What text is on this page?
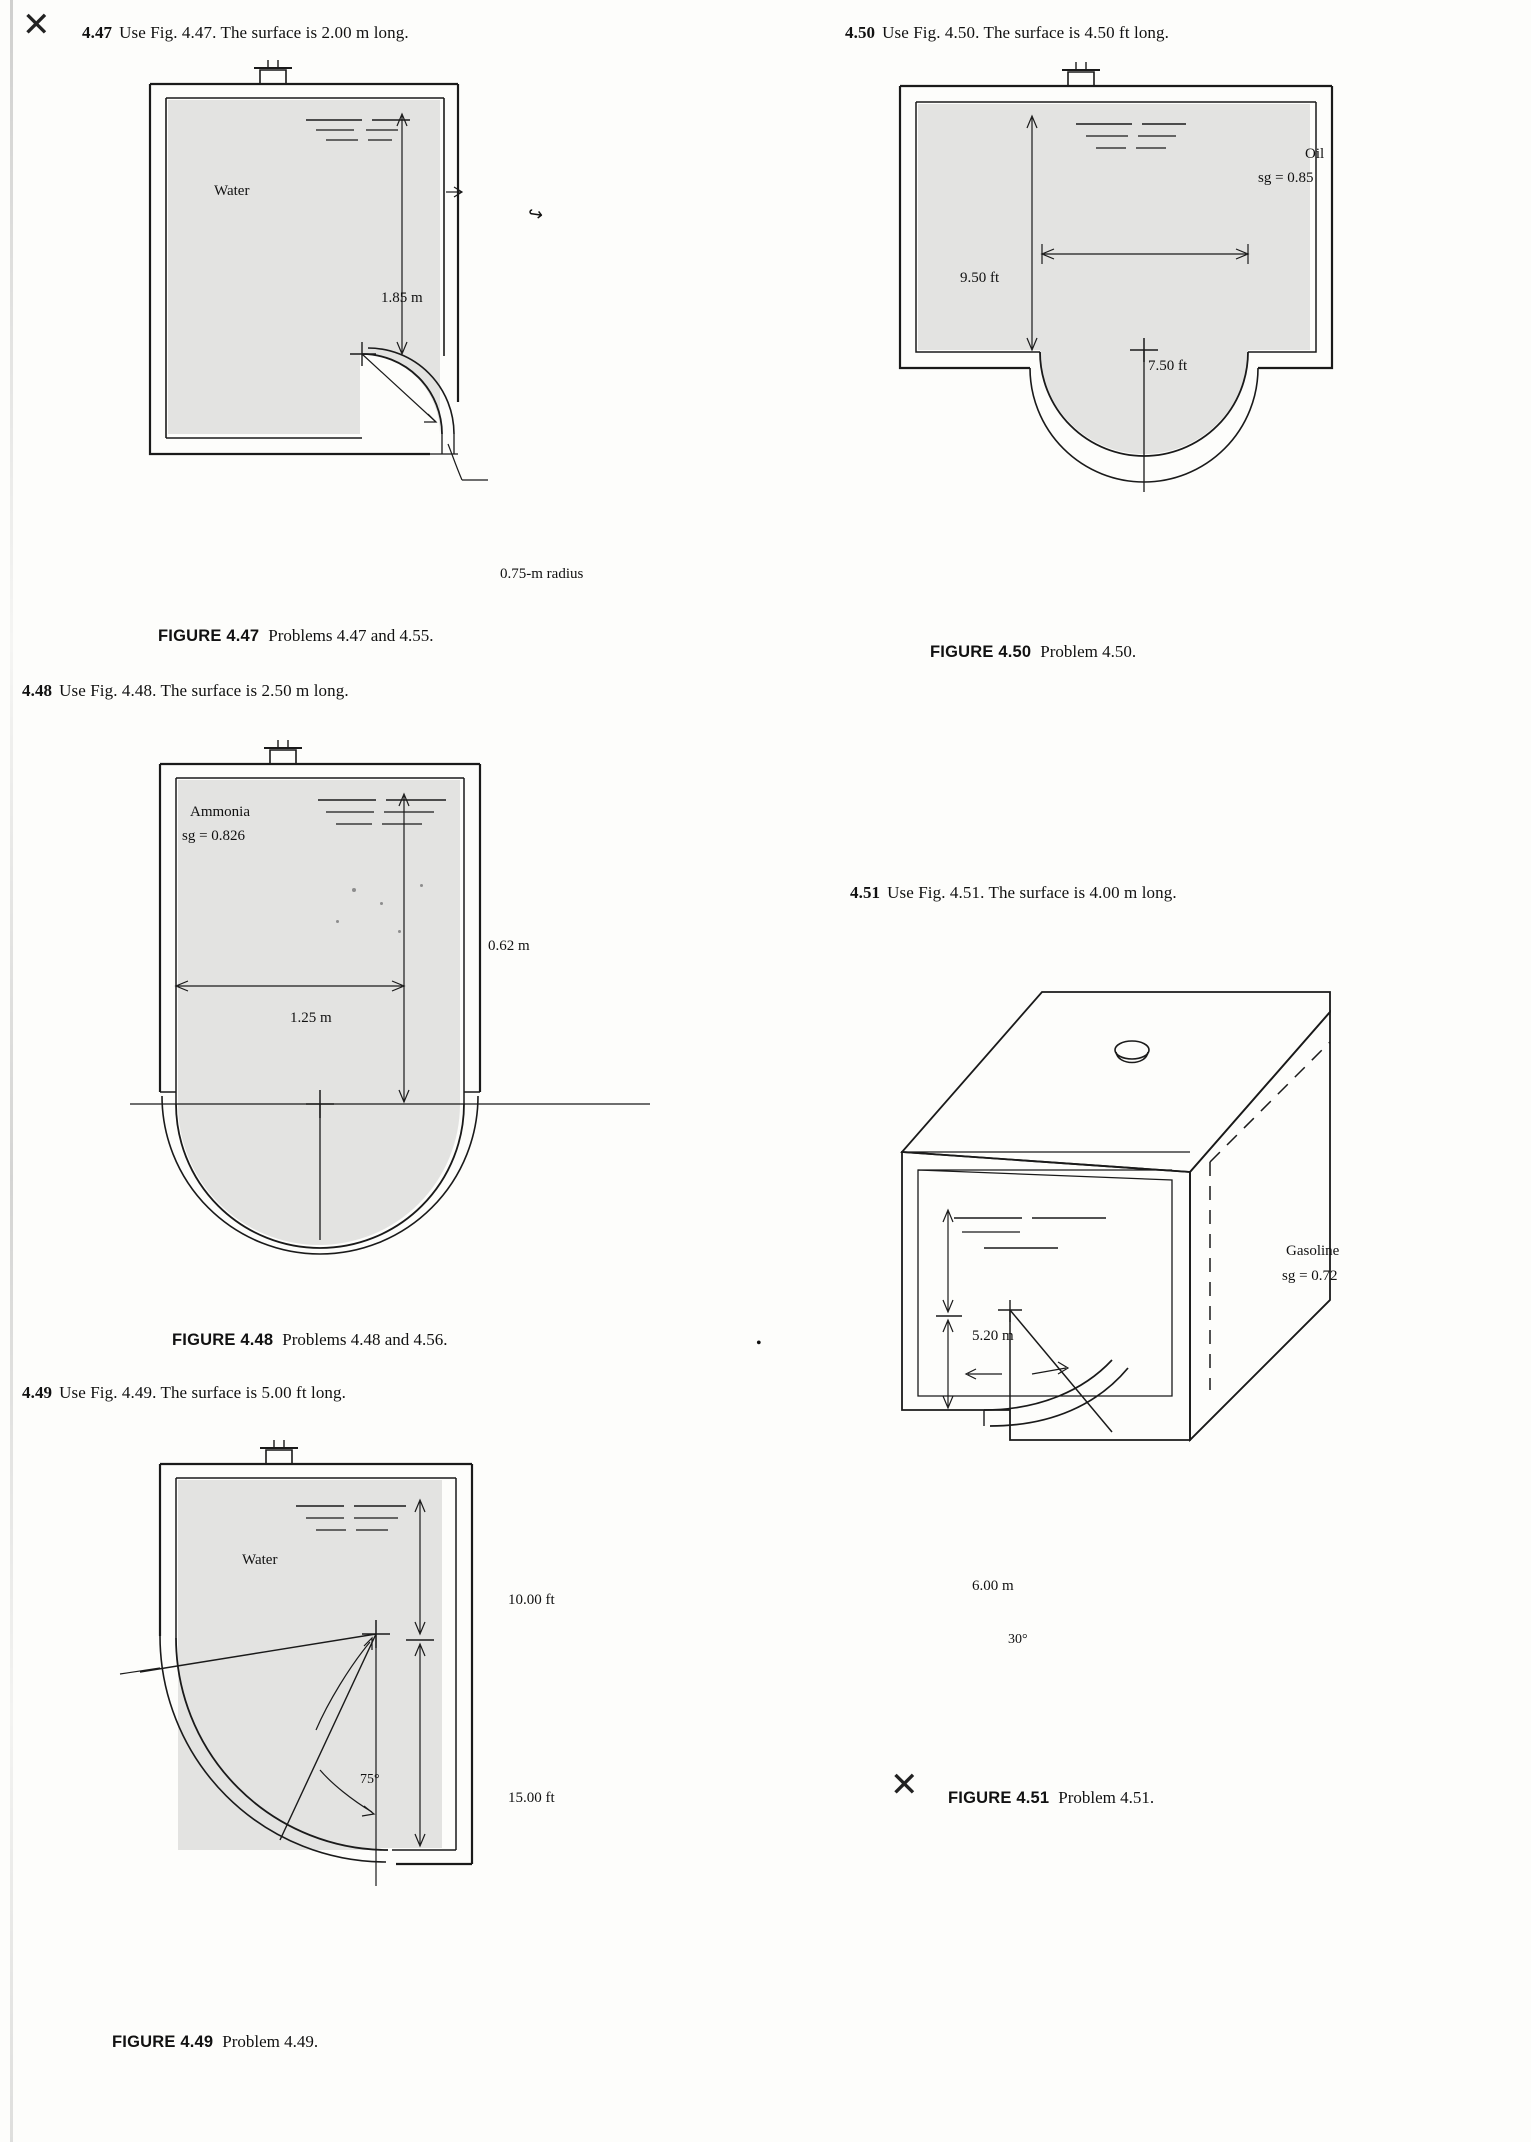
✕ 4.47 Use Fig. 4.47. The surface is 2.00 m long.
Water
1.85 m
0.75-m radius
↪
FIGURE 4.47 Problems 4.47 and 4.55.
4.48 Use Fig. 4.48. The surface is 2.50 m long.
Ammonia
sg = 0.826
0.62 m
1.25 m
FIGURE 4.48 Problems 4.48 and 4.56.
4.49 Use Fig. 4.49. The surface is 5.00 ft long.
Water
10.00 ft
15.00 ft
75°
FIGURE 4.49 Problem 4.49.
4.50 Use Fig. 4.50. The surface is 4.50 ft long.
Oil
sg = 0.85
9.50 ft
7.50 ft
FIGURE 4.50 Problem 4.50.
4.51 Use Fig. 4.51. The surface is 4.00 m long.
Gasoline
sg = 0.72
5.20 m
6.00 m
30°
✕ FIGURE 4.51 Problem 4.51.
•
